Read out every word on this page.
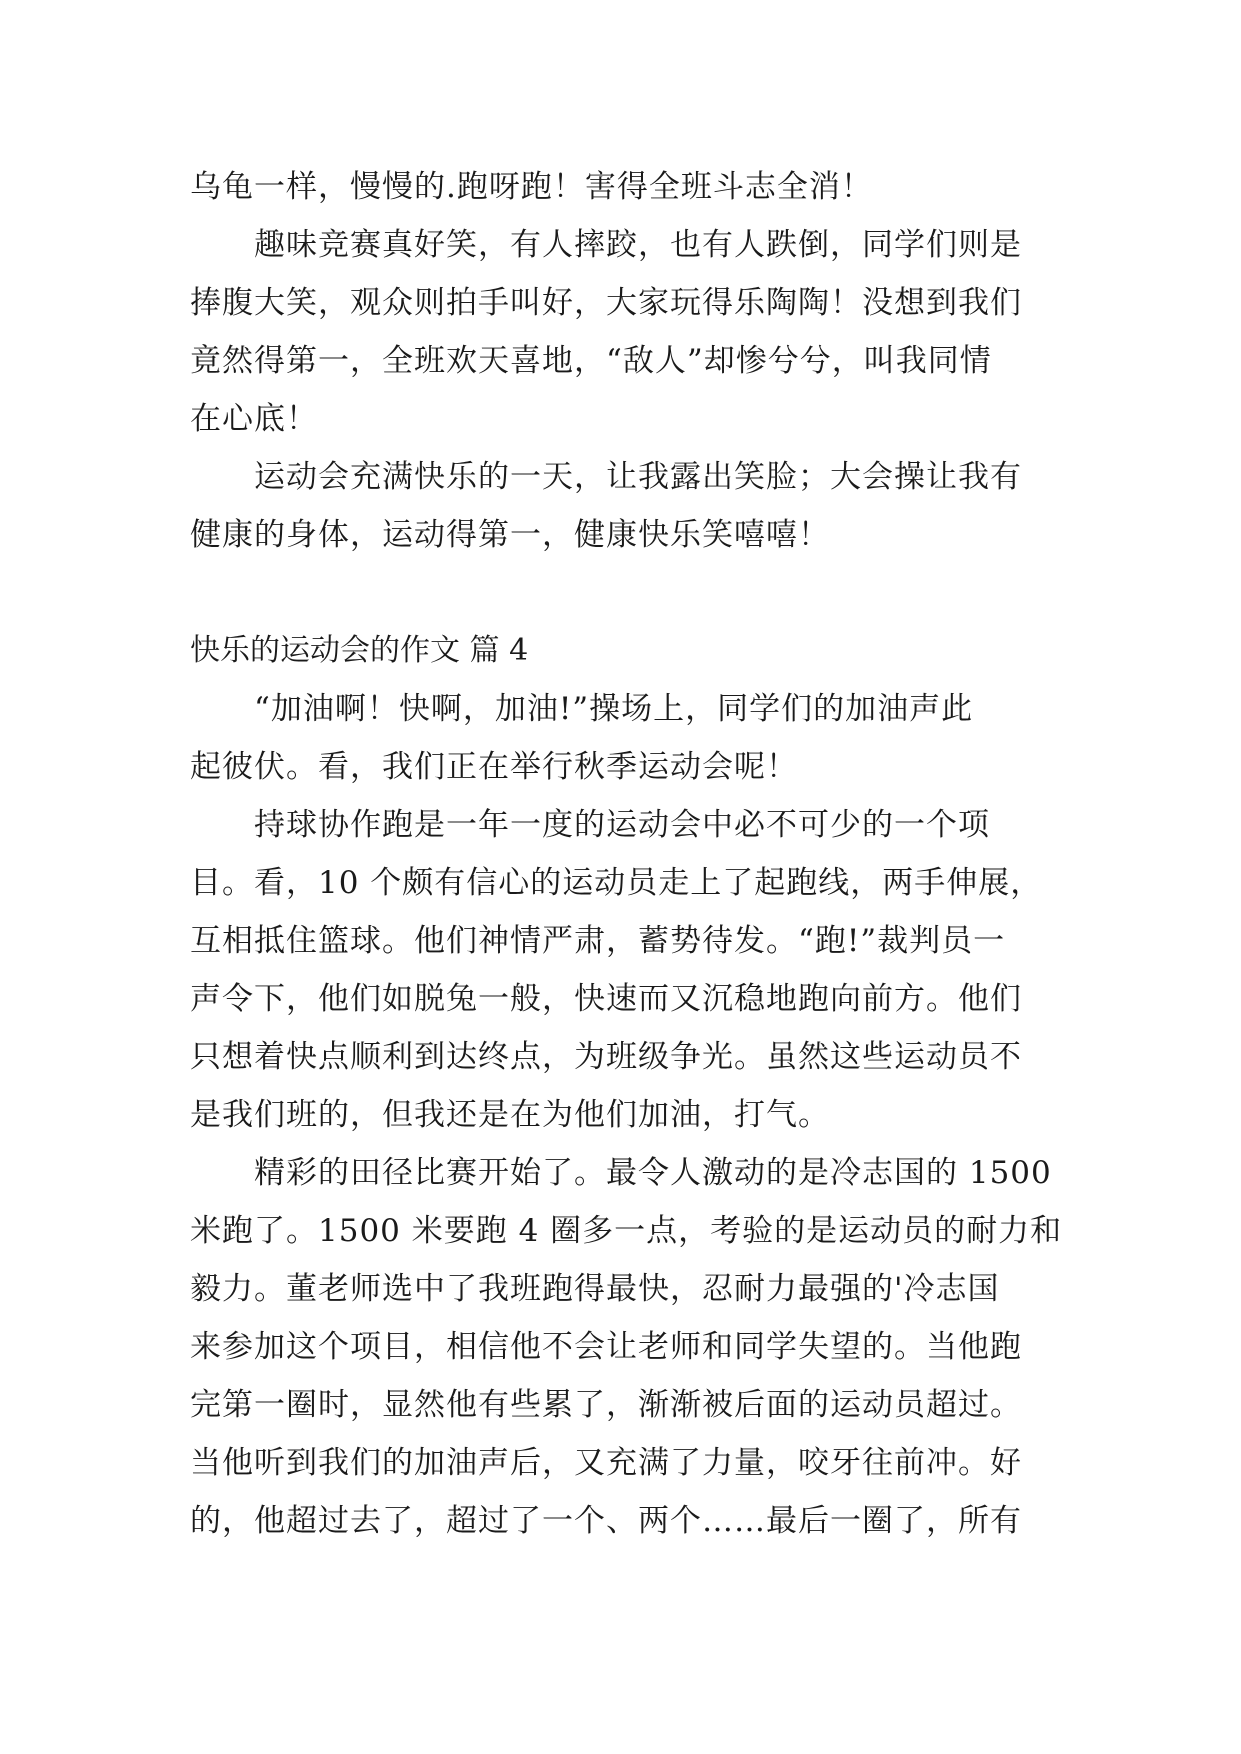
乌龟一样，慢慢的.跑呀跑！害得全班斗志全消！
趣味竞赛真好笑，有人摔跤，也有人跌倒，同学们则是
捧腹大笑，观众则拍手叫好，大家玩得乐陶陶！没想到我们
竟然得第一，全班欢天喜地，“敌人”却惨兮兮，叫我同情
在心底！
运动会充满快乐的一天，让我露出笑脸；大会操让我有
健康的身体，运动得第一，健康快乐笑嘻嘻！
快乐的运动会的作文 篇 4
“加油啊！快啊，加油!”操场上，同学们的加油声此
起彼伏。看，我们正在举行秋季运动会呢！
持球协作跑是一年一度的运动会中必不可少的一个项
目。看，10 个颇有信心的运动员走上了起跑线，两手伸展，
互相抵住篮球。他们神情严肃，蓄势待发。“跑!”裁判员一
声令下，他们如脱兔一般，快速而又沉稳地跑向前方。他们
只想着快点顺利到达终点，为班级争光。虽然这些运动员不
是我们班的，但我还是在为他们加油，打气。
精彩的田径比赛开始了。最令人激动的是冷志国的 1500
米跑了。1500 米要跑 4 圈多一点，考验的是运动员的耐力和
毅力。董老师选中了我班跑得最快，忍耐力最强的'冷志国
来参加这个项目，相信他不会让老师和同学失望的。当他跑
完第一圈时，显然他有些累了，渐渐被后面的运动员超过。
当他听到我们的加油声后，又充满了力量，咬牙往前冲。好
的，他超过去了，超过了一个、两个……最后一圈了，所有
